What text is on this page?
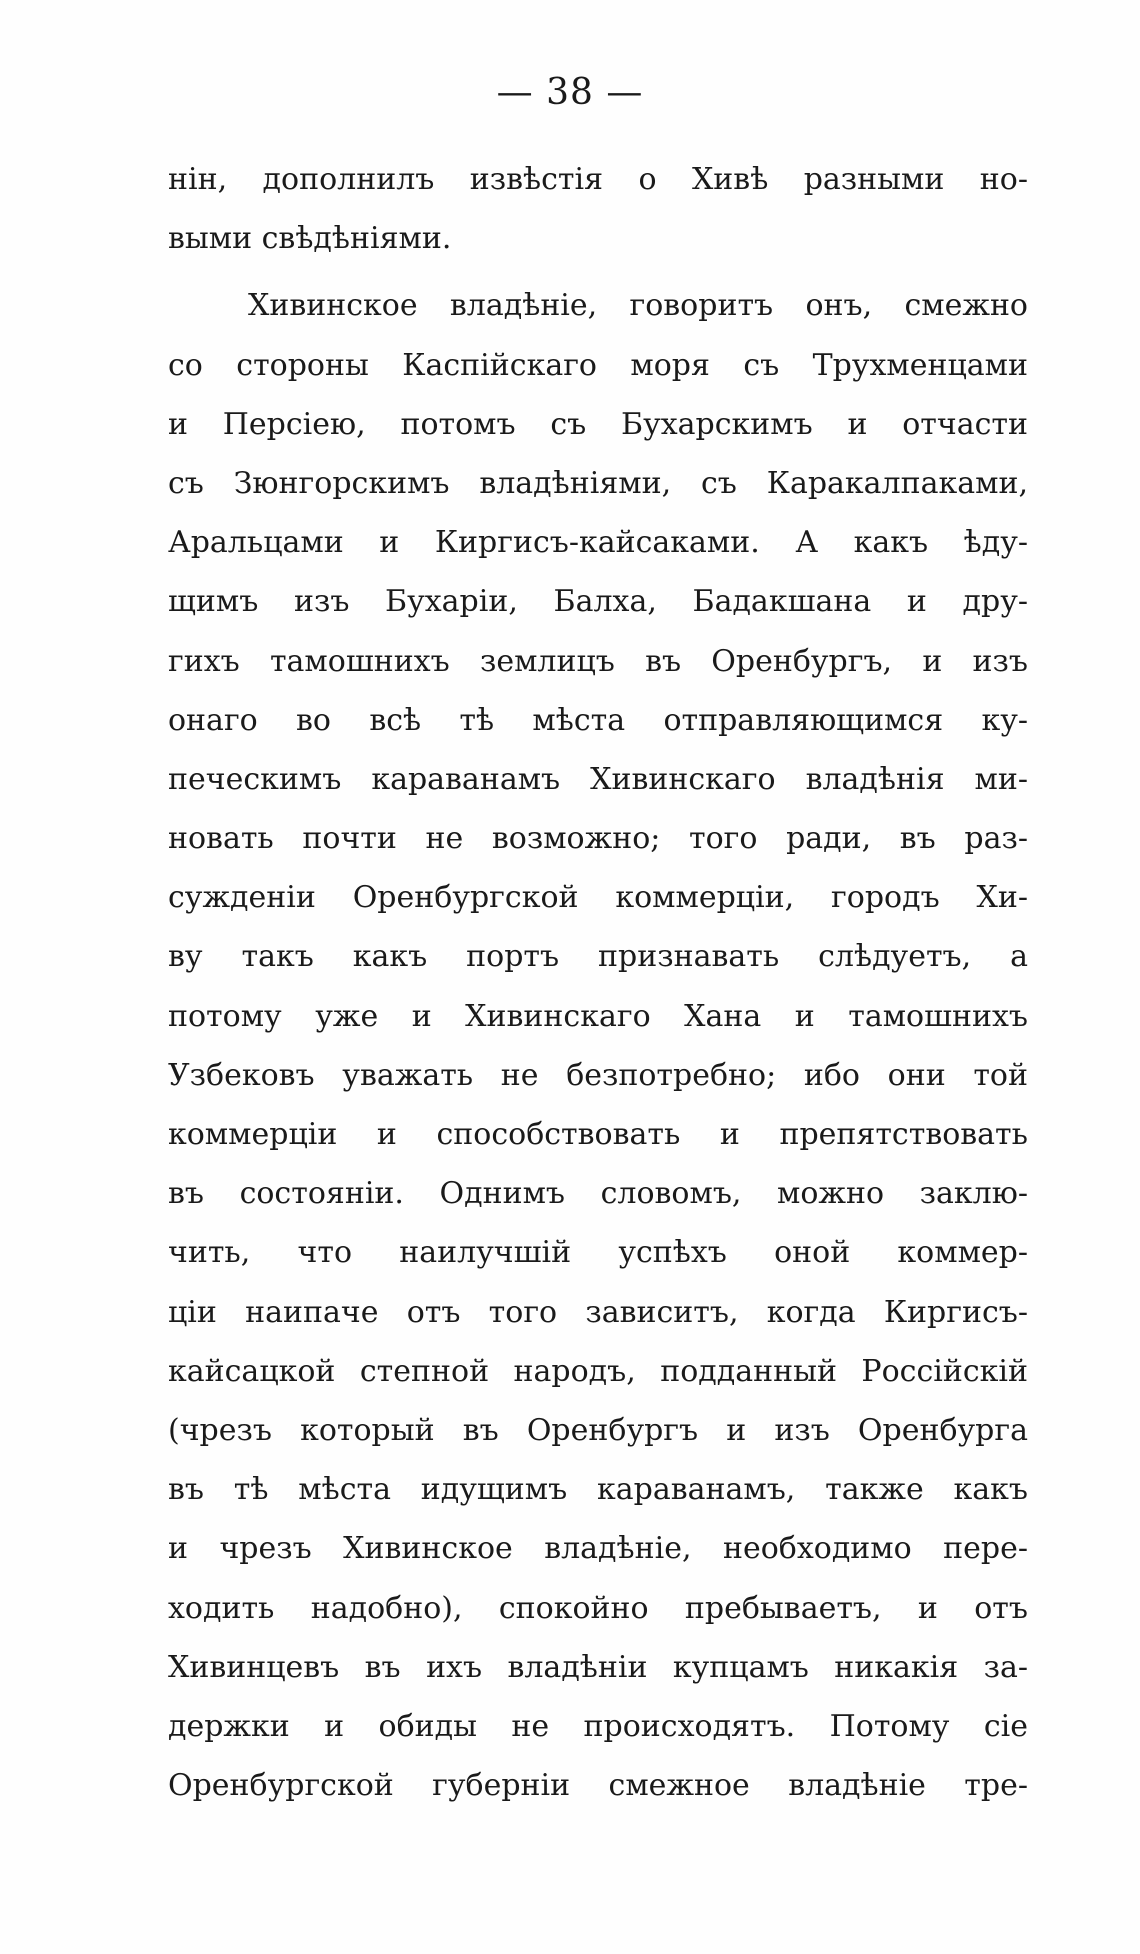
— 38 —
нін, дополнилъ извѣстія о Хивѣ разными но-
выми свѣдѣніями.
Хивинское владѣніе, говоритъ онъ, смежно
со стороны Каспійскаго моря съ Трухменцами
и Персіею, потомъ съ Бухарскимъ и отчасти
съ Зюнгорскимъ владѣніями, съ Каракалпаками,
Аральцами и Киргисъ-кайсаками. А какъ ѣду-
щимъ изъ Бухаріи, Балха, Бадакшана и дру-
гихъ тамошнихъ землицъ въ Оренбургъ, и изъ
онаго во всѣ тѣ мѣста отправляющимся ку-
печескимъ караванамъ Хивинскаго владѣнія ми-
новать почти не возможно; того ради, въ раз-
сужденіи Оренбургской коммерціи, городъ Хи-
ву такъ какъ портъ признавать слѣдуетъ, а
потому уже и Хивинскаго Хана и тамошнихъ
Узбековъ уважать не безпотребно; ибо они той
коммерціи и способствовать и препятствовать
въ состояніи. Однимъ словомъ, можно заклю-
чить, что наилучшій успѣхъ оной коммер-
ціи наипаче отъ того зависитъ, когда Киргисъ-
кайсацкой степной народъ, подданный Россійскій
(чрезъ который въ Оренбургъ и изъ Оренбурга
въ тѣ мѣста идущимъ караванамъ, также какъ
и чрезъ Хивинское владѣніе, необходимо пере-
ходить надобно), спокойно пребываетъ, и отъ
Хивинцевъ въ ихъ владѣніи купцамъ никакія за-
держки и обиды не происходятъ. Потому сіе
Оренбургской губерніи смежное владѣніе тре-
